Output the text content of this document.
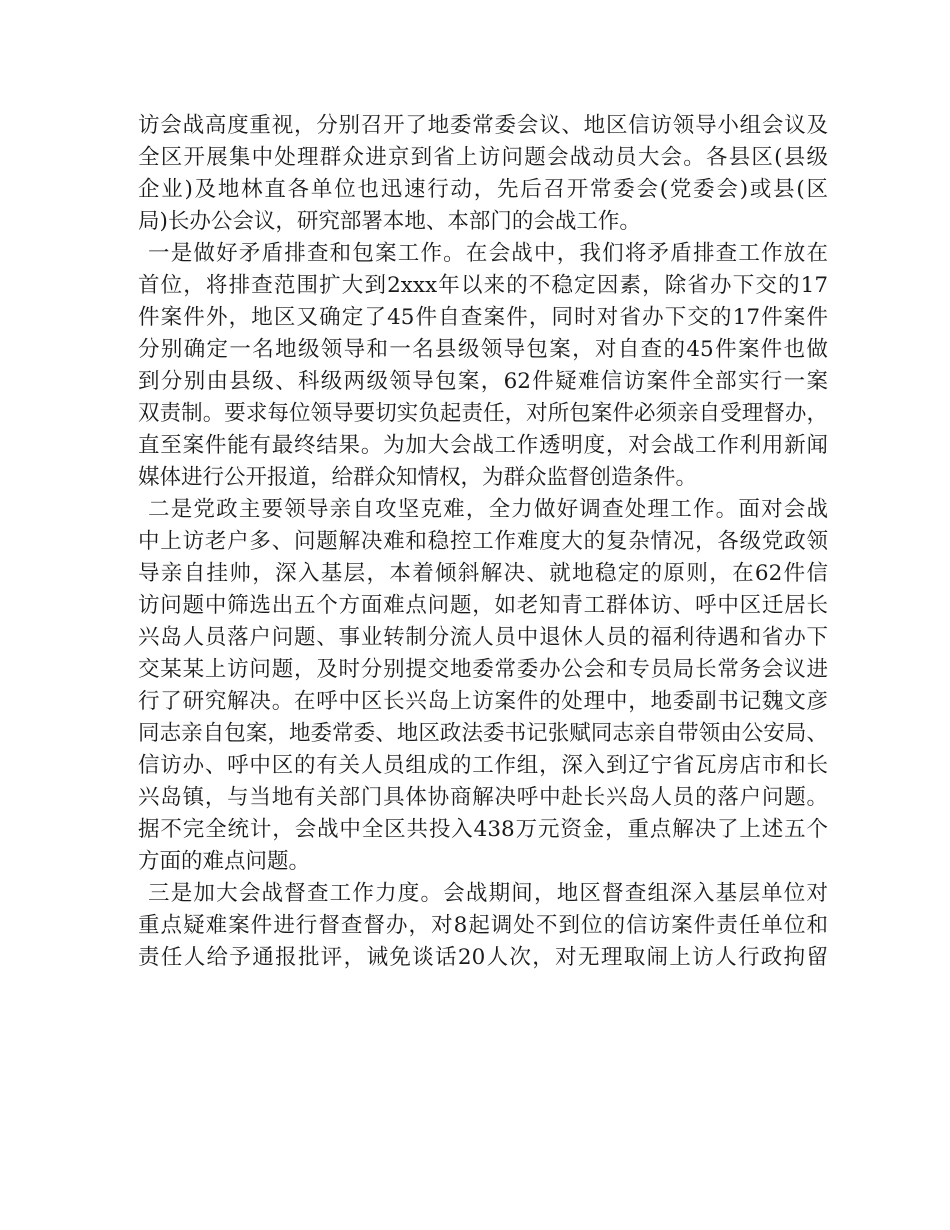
访会战高度重视，分别召开了地委常委会议、地区信访领导小组会议及
全区开展集中处理群众进京到省上访问题会战动员大会。各县区(县级
企业)及地林直各单位也迅速行动，先后召开常委会(党委会)或县(区
局)长办公会议，研究部署本地、本部门的会战工作。
一是做好矛盾排查和包案工作。在会战中，我们将矛盾排查工作放在
首位，将排查范围扩大到2xxx年以来的不稳定因素，除省办下交的17
件案件外，地区又确定了45件自查案件，同时对省办下交的17件案件
分别确定一名地级领导和一名县级领导包案，对自查的45件案件也做
到分别由县级、科级两级领导包案，62件疑难信访案件全部实行一案
双责制。要求每位领导要切实负起责任，对所包案件必须亲自受理督办，
直至案件能有最终结果。为加大会战工作透明度，对会战工作利用新闻
媒体进行公开报道，给群众知情权，为群众监督创造条件。
二是党政主要领导亲自攻坚克难，全力做好调查处理工作。面对会战
中上访老户多、问题解决难和稳控工作难度大的复杂情况，各级党政领
导亲自挂帅，深入基层，本着倾斜解决、就地稳定的原则，在62件信
访问题中筛选出五个方面难点问题，如老知青工群体访、呼中区迁居长
兴岛人员落户问题、事业转制分流人员中退休人员的福利待遇和省办下
交某某上访问题，及时分别提交地委常委办公会和专员局长常务会议进
行了研究解决。在呼中区长兴岛上访案件的处理中，地委副书记魏文彦
同志亲自包案，地委常委、地区政法委书记张赋同志亲自带领由公安局、
信访办、呼中区的有关人员组成的工作组，深入到辽宁省瓦房店市和长
兴岛镇，与当地有关部门具体协商解决呼中赴长兴岛人员的落户问题。
据不完全统计，会战中全区共投入438万元资金，重点解决了上述五个
方面的难点问题。
三是加大会战督查工作力度。会战期间，地区督查组深入基层单位对
重点疑难案件进行督查督办，对8起调处不到位的信访案件责任单位和
责任人给予通报批评，诫免谈话20人次，对无理取闹上访人行政拘留
